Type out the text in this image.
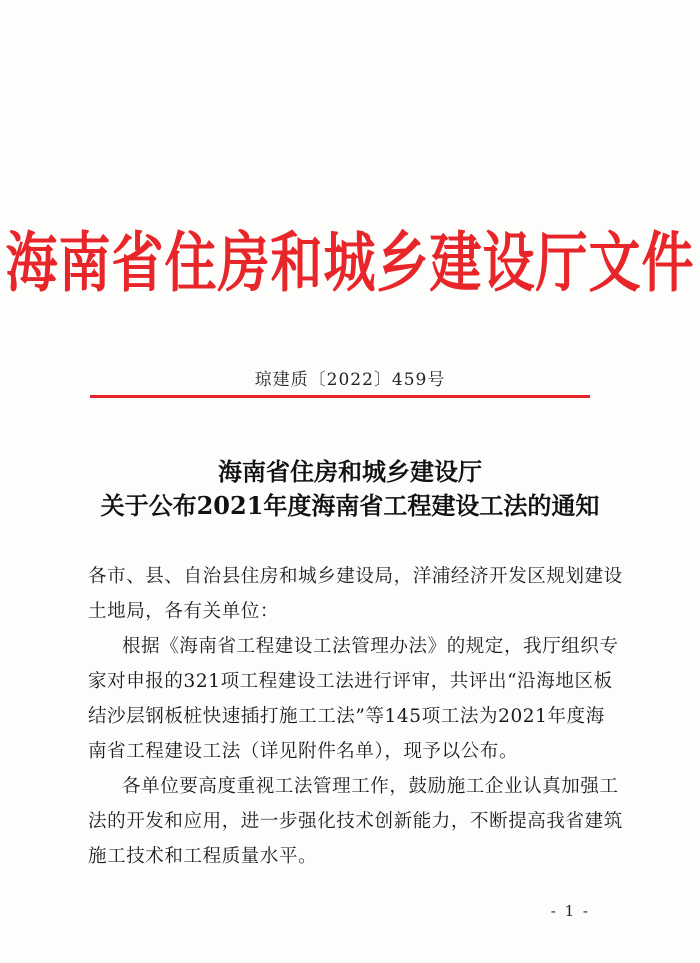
海南省住房和城乡建设厅文件
琼建质〔2022〕459号
海南省住房和城乡建设厅
关于公布2021年度海南省工程建设工法的通知
各市、县、自治县住房和城乡建设局，洋浦经济开发区规划建设
土地局，各有关单位：
根据《海南省工程建设工法管理办法》的规定，我厅组织专
家对申报的321项工程建设工法进行评审，共评出“沿海地区板
结沙层钢板桩快速插打施工工法”等145项工法为2021年度海
南省工程建设工法（详见附件名单），现予以公布。
各单位要高度重视工法管理工作，鼓励施工企业认真加强工
法的开发和应用，进一步强化技术创新能力，不断提高我省建筑
施工技术和工程质量水平。
- 1 -
